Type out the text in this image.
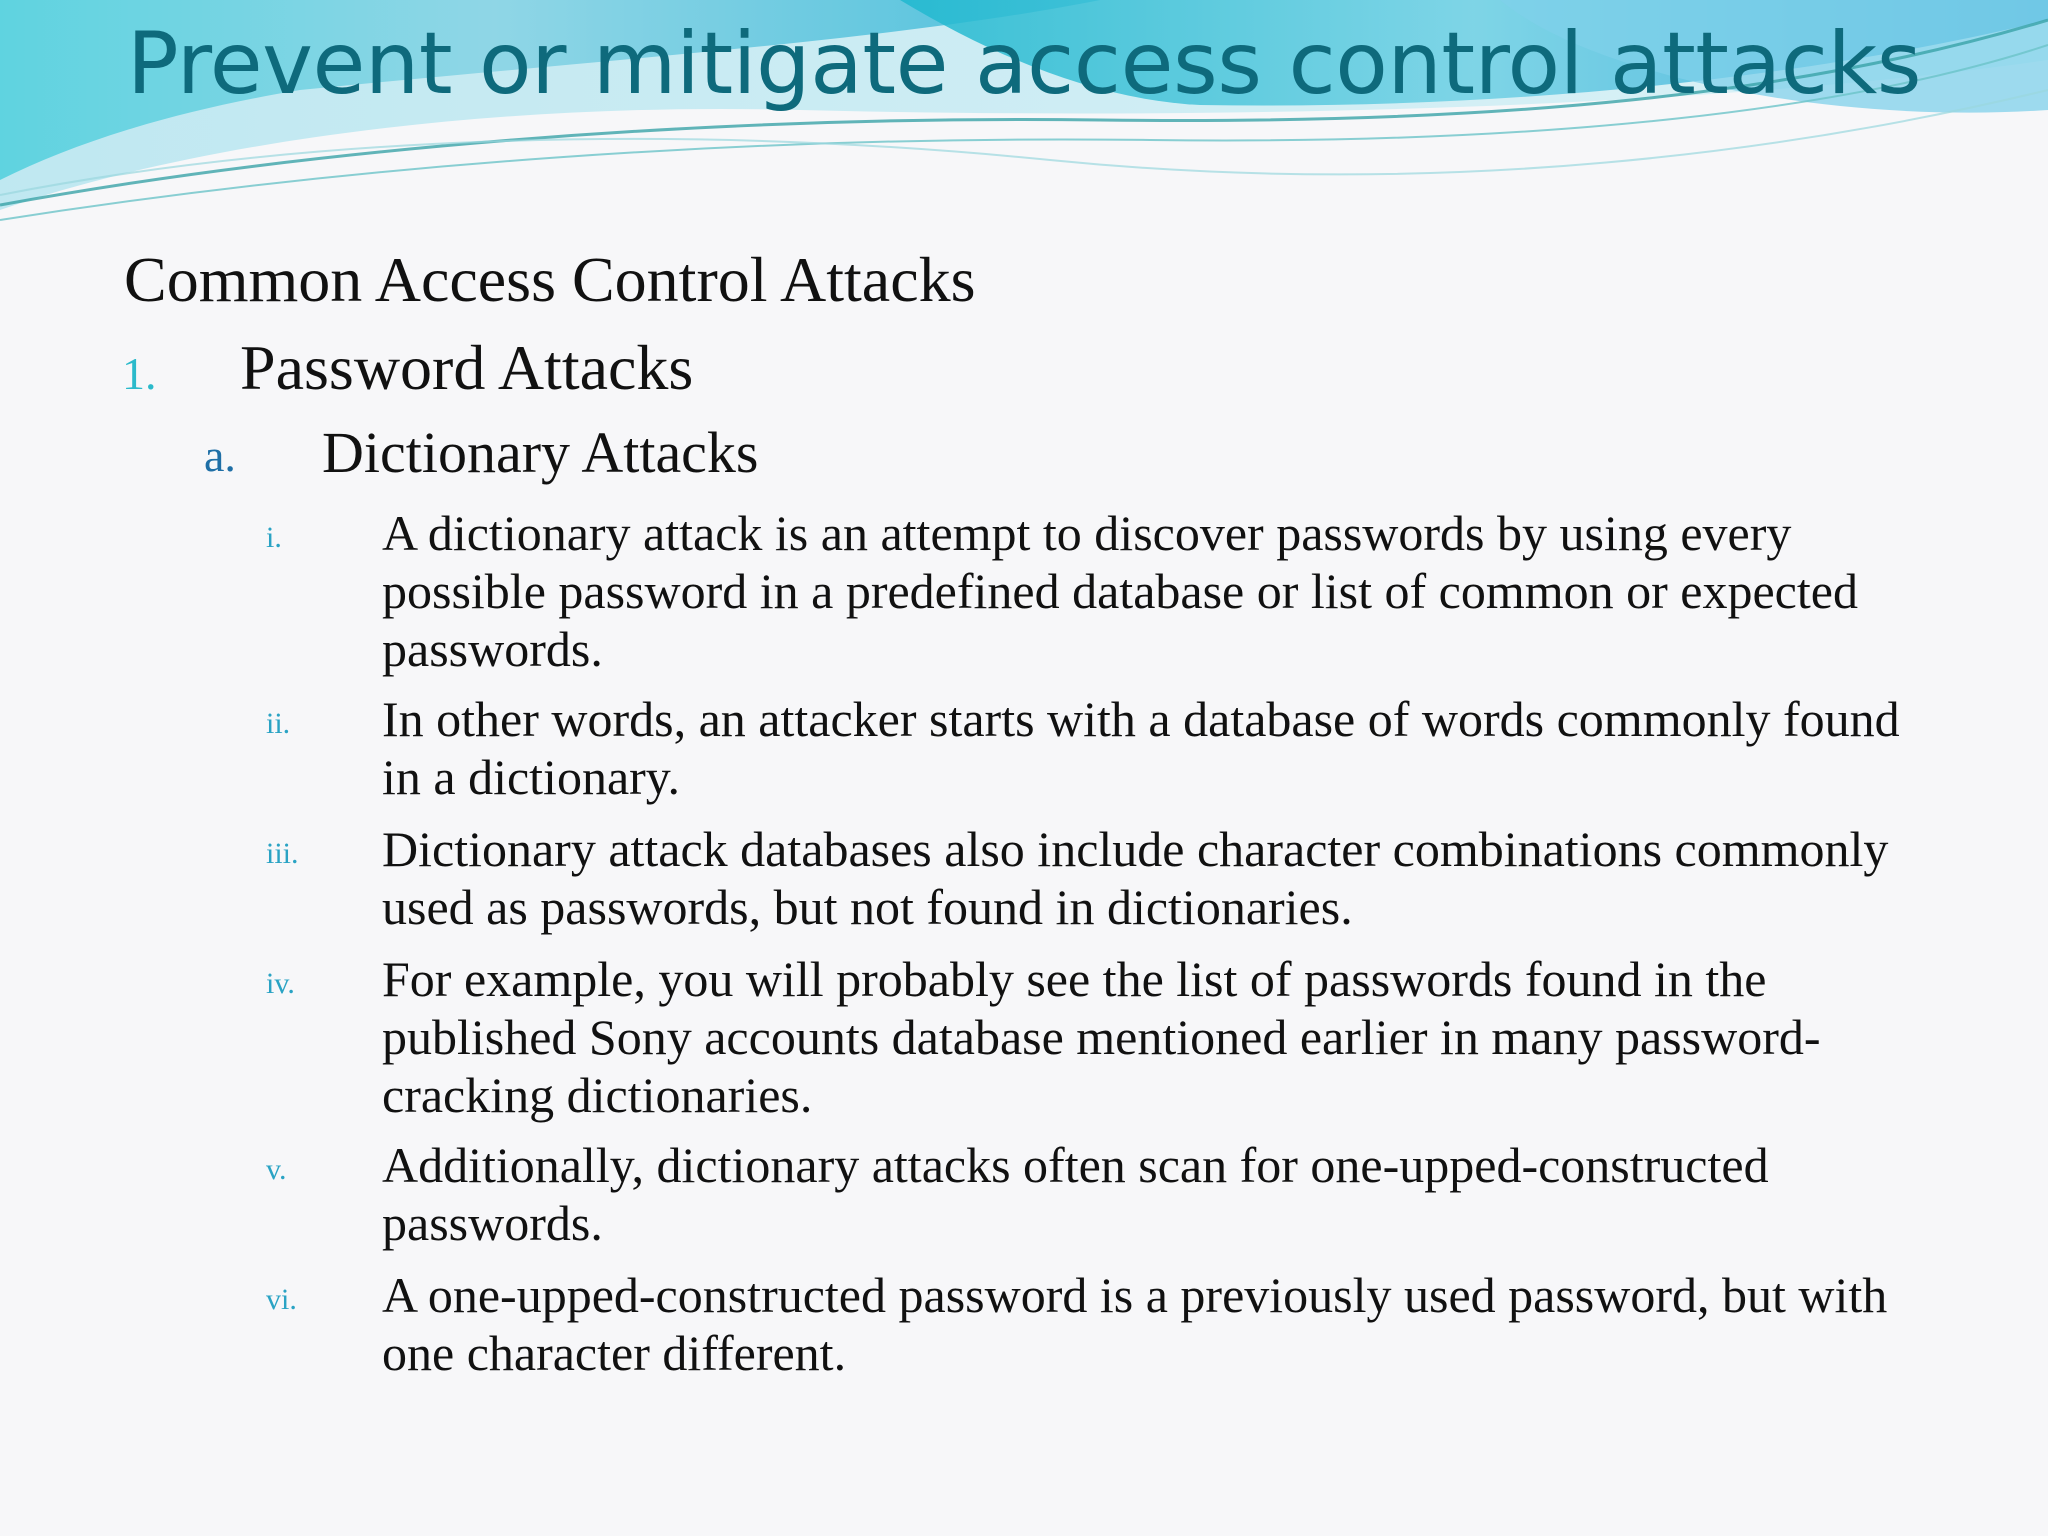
Prevent or mitigate access control attacks
Common Access Control Attacks
1. Password Attacks
a. Dictionary Attacks
i. A dictionary attack is an attempt to discover passwords by using every possible password in a predefined database or list of common or expected passwords.
ii. In other words, an attacker starts with a database of words commonly found in a dictionary.
iii. Dictionary attack databases also include character combinations commonly used as passwords, but not found in dictionaries.
iv. For example, you will probably see the list of passwords found in the published Sony accounts database mentioned earlier in many password-cracking dictionaries.
v. Additionally, dictionary attacks often scan for one-upped-constructed passwords.
vi. A one-upped-constructed password is a previously used password, but with one character different.
